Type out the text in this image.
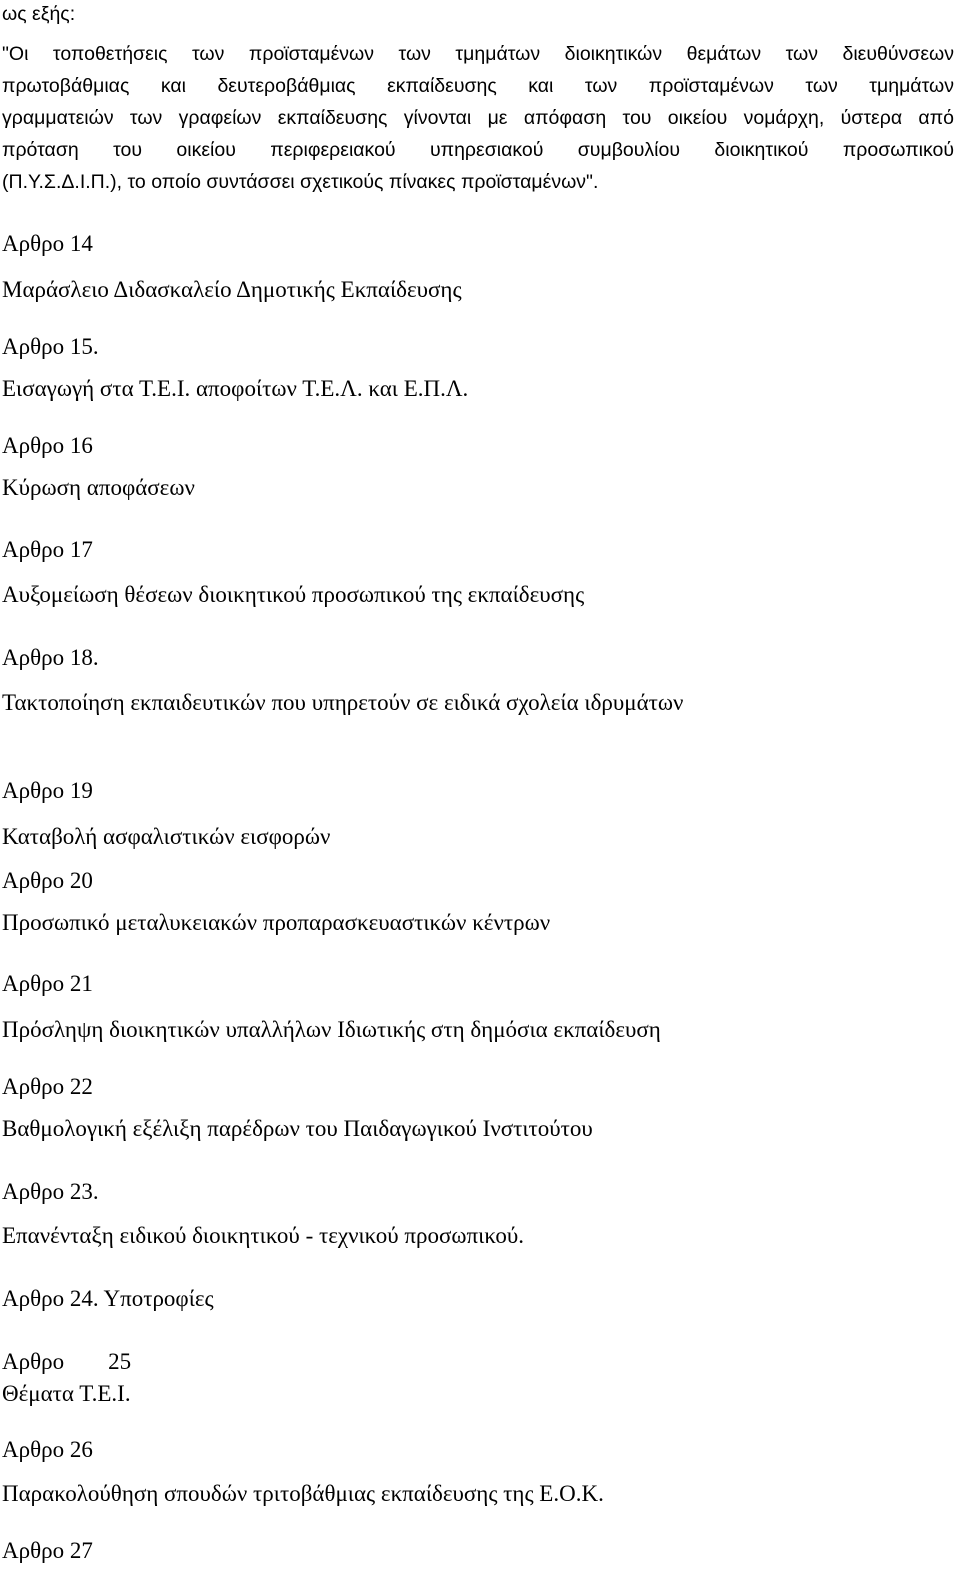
ως εξής:
"Οι τοποθετήσεις των προϊσταμένων των τμημάτων διοικητικών θεμάτων των διευθύνσεων
πρωτοβάθμιας και δευτεροβάθμιας εκπαίδευσης και των προϊσταμένων των τμημάτων
γραμματειών των γραφείων εκπαίδευσης γίνονται με απόφαση του οικείου νομάρχη, ύστερα από
πρόταση του οικείου περιφερειακού υπηρεσιακού συμβουλίου διοικητικού προσωπικού
(Π.Υ.Σ.Δ.Ι.Π.), το οποίο συντάσσει σχετικούς πίνακες προϊσταμένων".
Αρθρο 14
Μαράσλειο Διδασκαλείο Δημοτικής Εκπαίδευσης
Αρθρο 15.
Εισαγωγή στα Τ.Ε.Ι. αποφοίτων Τ.Ε.Λ. και Ε.Π.Λ.
Αρθρο 16
Κύρωση αποφάσεων
Αρθρο 17
Αυξομείωση θέσεων διοικητικού προσωπικού της εκπαίδευσης
Αρθρο 18.
Τακτοποίηση εκπαιδευτικών που υπηρετούν σε ειδικά σχολεία ιδρυμάτων
Αρθρο 19
Καταβολή ασφαλιστικών εισφορών
Αρθρο 20
Προσωπικό μεταλυκειακών προπαρασκευαστικών κέντρων
Αρθρο 21
Πρόσληψη διοικητικών υπαλλήλων Ιδιωτικής στη δημόσια εκπαίδευση
Αρθρο 22
Βαθμολογική εξέλιξη παρέδρων του Παιδαγωγικού Ινστιτούτου
Αρθρο 23.
Επανένταξη ειδικού διοικητικού - τεχνικού προσωπικού.
Αρθρο 24. Υποτροφίες
Αρθρο 25
Θέματα Τ.Ε.Ι.
Αρθρο 26
Παρακολούθηση σπουδών τριτοβάθμιας εκπαίδευσης της Ε.Ο.Κ.
Αρθρο 27
